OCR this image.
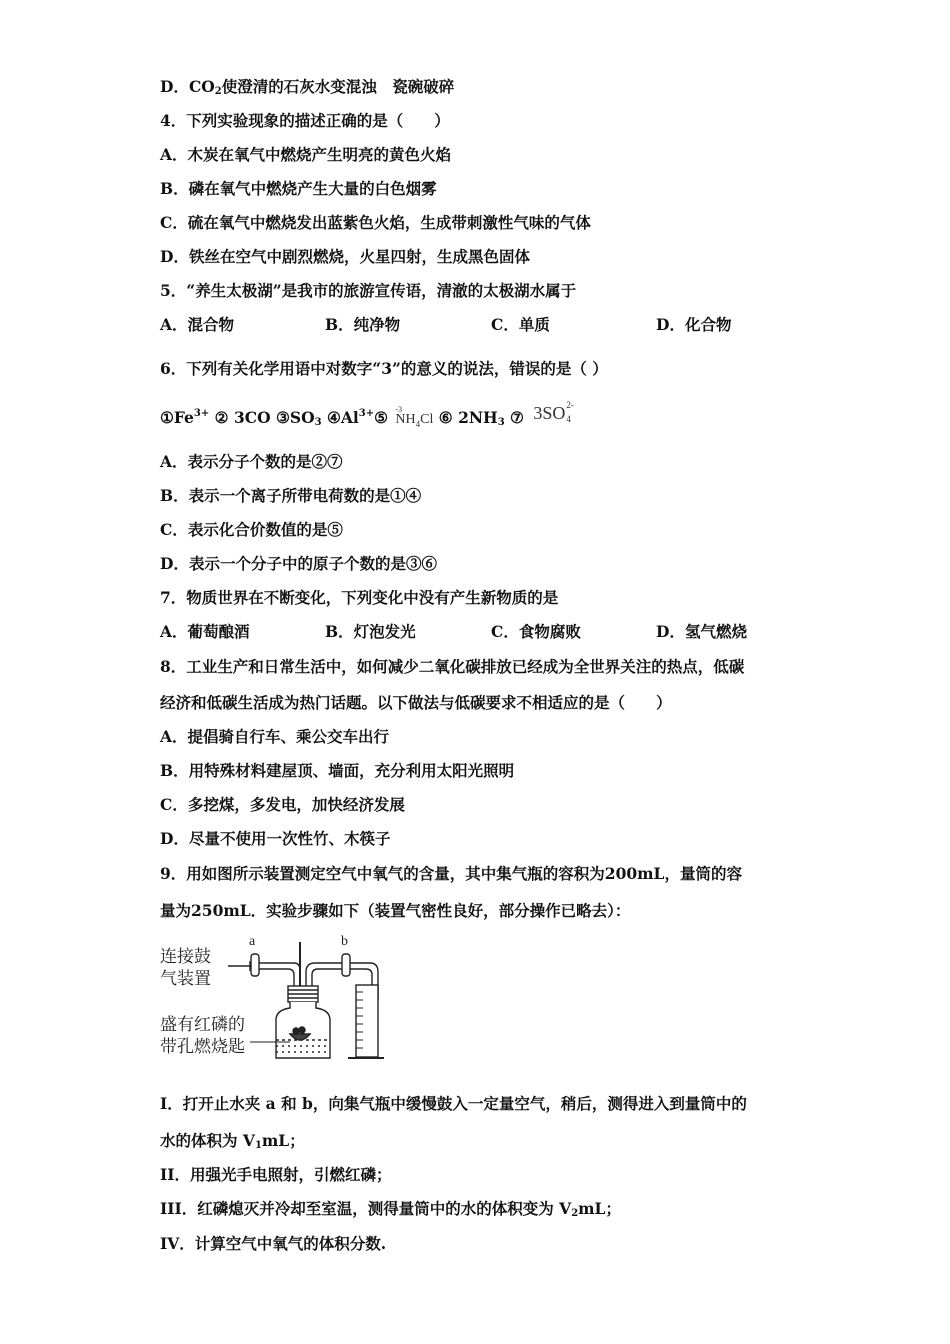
D．$CO_2$使澄清的石灰水变混浊　瓷碗破碎
4．下列实验现象的描述正确的是（　　）
A．木炭在氧气中燃烧产生明亮的黄色火焰
B．磷在氧气中燃烧产生大量的白色烟雾
C．硫在氧气中燃烧发出蓝紫色火焰，生成带刺激性气味的气体
D．铁丝在空气中剧烈燃烧，火星四射，生成黑色固体
5．“养生太极湖”是我市的旅游宣传语，清澈的太极湖水属于
A．混合物	B．纯净物	C．单质	D．化合物
6．下列有关化学用语中对数字“3”的意义的说法，错误的是（ ）
$①Fe^{3+}$ ② 3CO $③SO_3$ $④Al^{3+}⑤$ -3
$NH_4Cl$ ⑥ $2NH_3$ ⑦ 3SO 2-
4
A．表示分子个数的是②⑦
B．表示一个离子所带电荷数的是①④
C．表示化合价数值的是⑤
D．表示一个分子中的原子个数的是③⑥
7．物质世界在不断变化，下列变化中没有产生新物质的是
A．葡萄酿酒	B．灯泡发光	C．食物腐败	D．氢气燃烧
8．工业生产和日常生活中，如何减少二氧化碳排放已经成为全世界关注的热点，低碳
经济和低碳生活成为热门话题。以下做法与低碳要求不相适应的是（　　）
A．提倡骑自行车、乘公交车出行
B．用特殊材料建屋顶、墙面，充分利用太阳光照明
C．多挖煤，多发电，加快经济发展
D．尽量不使用一次性竹、木筷子
9．用如图所示装置测定空气中氧气的含量，其中集气瓶的容积为200mL，量筒的容
量为250mL．实验步骤如下（装置气密性良好，部分操作已略去）：
a	b
连接鼓
气装置
盛有红磷的
带孔燃烧匙
I．打开止水夹 a 和 b，向集气瓶中缓慢鼓入一定量空气，稍后，测得进入到量筒中的
水的体积为 $V_1mL$；
II．用强光手电照射，引燃红磷；
III．红磷熄灭并冷却至室温，测得量筒中的水的体积变为 $V_2mL$；
IV．计算空气中氧气的体积分数.
